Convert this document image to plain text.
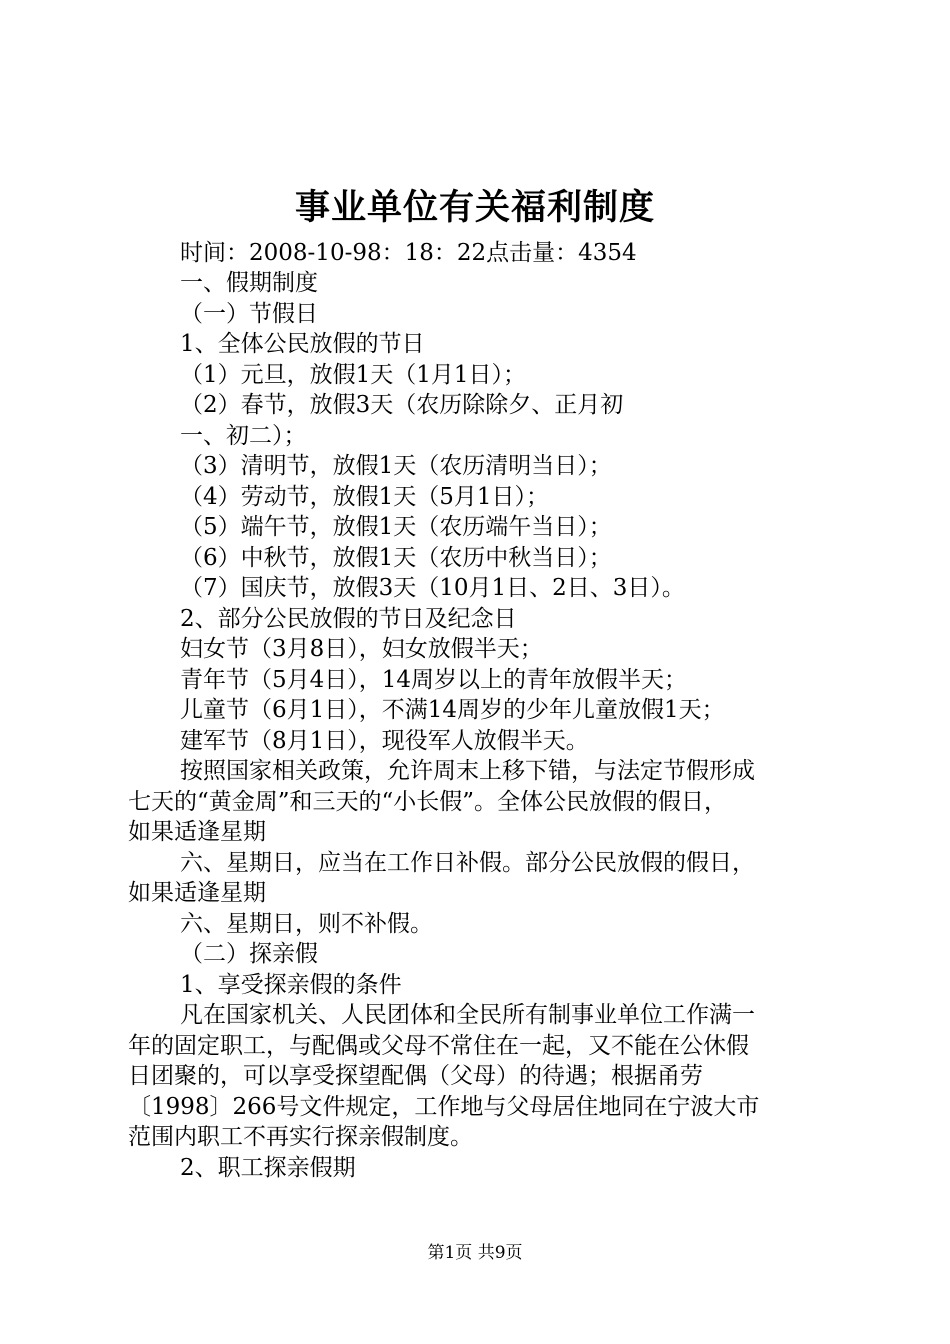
事业单位有关福利制度
时间：2008-10-98：18：22点击量：4354
一、假期制度
（一）节假日
1、全体公民放假的节日
（1）元旦，放假1天（1月1日）；
（2）春节，放假3天（农历除除夕、正月初
一、初二）；
（3）清明节，放假1天（农历清明当日）；
（4）劳动节，放假1天（5月1日）；
（5）端午节，放假1天（农历端午当日）；
（6）中秋节，放假1天（农历中秋当日）；
（7）国庆节，放假3天（10月1日、2日、3日）。
2、部分公民放假的节日及纪念日
妇女节（3月8日），妇女放假半天；
青年节（5月4日），14周岁以上的青年放假半天；
儿童节（6月1日），不满14周岁的少年儿童放假1天；
建军节（8月1日），现役军人放假半天。
按照国家相关政策，允许周末上移下错，与法定节假形成
七天的“黄金周”和三天的“小长假”。全体公民放假的假日，
如果适逢星期
六、星期日，应当在工作日补假。部分公民放假的假日，
如果适逢星期
六、星期日，则不补假。
（二）探亲假
1、享受探亲假的条件
凡在国家机关、人民团体和全民所有制事业单位工作满一
年的固定职工，与配偶或父母不常住在一起，又不能在公休假
日团聚的，可以享受探望配偶（父母）的待遇；根据甬劳
〔1998〕266号文件规定，工作地与父母居住地同在宁波大市
范围内职工不再实行探亲假制度。
2、职工探亲假期
第1页 共9页
